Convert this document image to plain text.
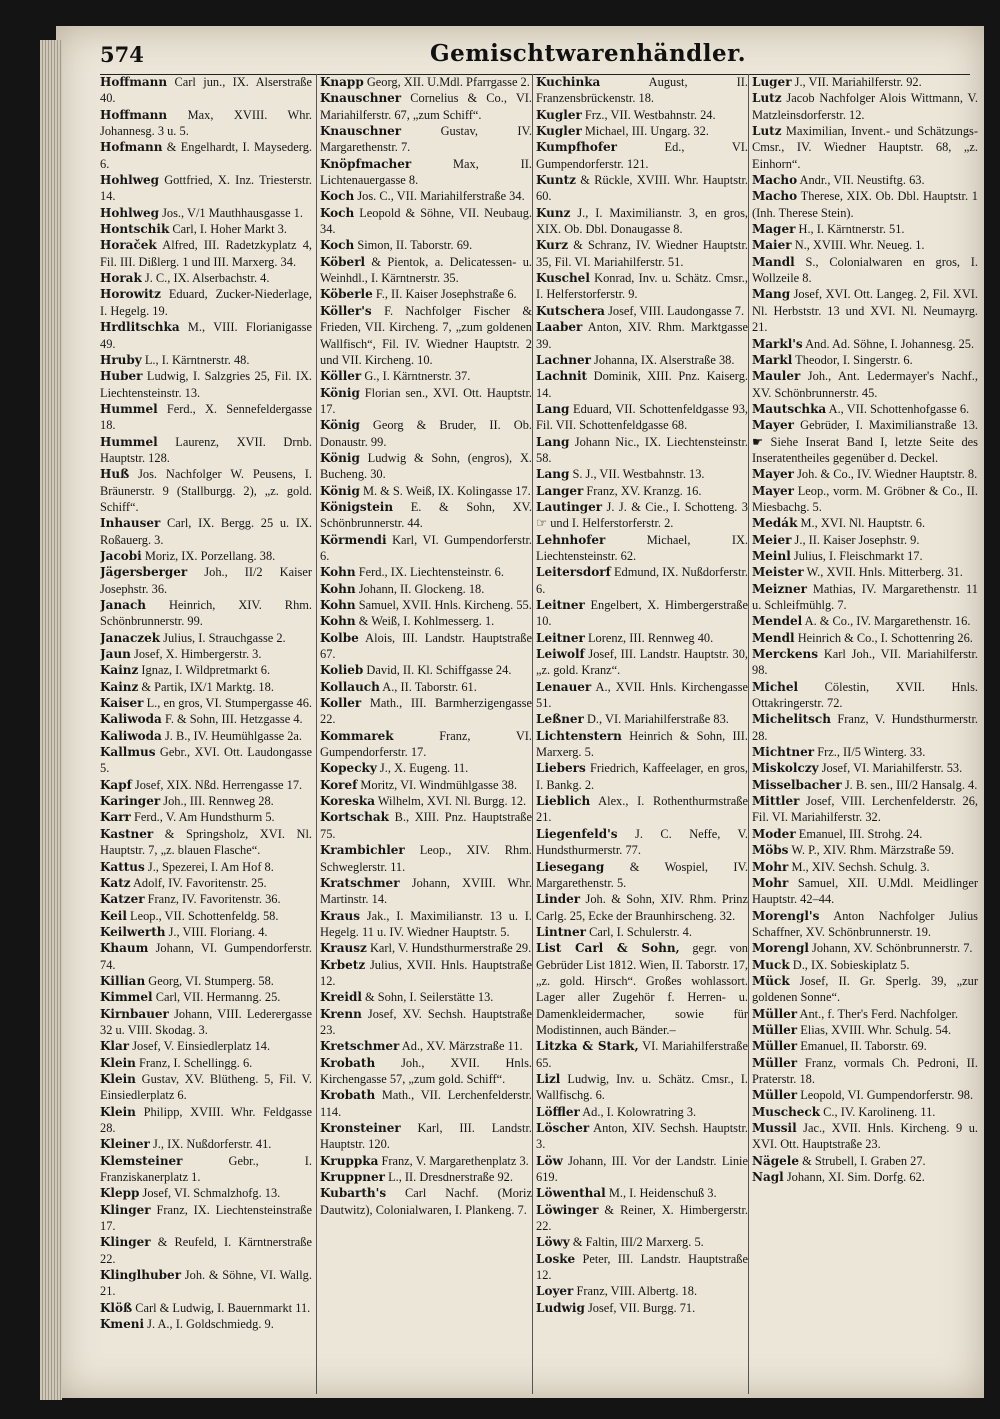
574	Gemischtwarenhändler.
Hoffmann Carl jun., IX. Alserstraße 40.
Hoffmann Max, XVIII. Whr. Johannesg. 3 u. 5.
Hofmann & Engelhardt, I. Maysederg. 6.
Hohlweg Gottfried, X. Inz. Triesterstr. 14.
Hohlweg Jos., V/1 Mauthhausgasse 1.
Hontschik Carl, I. Hoher Markt 3.
Horaček Alfred, III. Radetzkyplatz 4, Fil. III. Dißlerg. 1 und III. Marxerg. 34.
Horak J. C., IX. Alserbachstr. 4.
Horowitz Eduard, Zucker-Niederlage, I. Hegelg. 19.
Hrdlitschka M., VIII. Florianigasse 49.
Hruby L., I. Kärntnerstr. 48.
Huber Ludwig, I. Salzgries 25, Fil. IX. Liechtensteinstr. 13.
Hummel Ferd., X. Sennefeldergasse 18.
Hummel Laurenz, XVII. Drnb. Hauptstr. 128.
Huß Jos. Nachfolger W. Peusens, I. Bräunerstr. 9 (Stallburgg. 2), „z. gold. Schiff“.
Inhauser Carl, IX. Bergg. 25 u. IX. Roßauerg. 3.
Jacobi Moriz, IX. Porzellang. 38.
Jägersberger Joh., II/2 Kaiser Josephstr. 36.
Janach Heinrich, XIV. Rhm. Schönbrunnerstr. 99.
Janaczek Julius, I. Strauchgasse 2.
Jaun Josef, X. Himbergerstr. 3.
Kainz Ignaz, I. Wildpretmarkt 6.
Kainz & Partik, IX/1 Marktg. 18.
Kaiser L., en gros, VI. Stumpergasse 46.
Kaliwoda F. & Sohn, III. Hetzgasse 4.
Kaliwoda J. B., IV. Heumühlgasse 2a.
Kallmus Gebr., XVI. Ott. Laudongasse 5.
Kapf Josef, XIX. Nßd. Herrengasse 17.
Karinger Joh., III. Rennweg 28.
Karr Ferd., V. Am Hundsthurm 5.
Kastner & Springsholz, XVI. Nl. Hauptstr. 7, „z. blauen Flasche“.
Kattus J., Spezerei, I. Am Hof 8.
Katz Adolf, IV. Favoritenstr. 25.
Katzer Franz, IV. Favoritenstr. 36.
Keil Leop., VII. Schottenfeldg. 58.
Keilwerth J., VIII. Floriang. 4.
Khaum Johann, VI. Gumpendorferstr. 74.
Killian Georg, VI. Stumperg. 58.
Kimmel Carl, VII. Hermanng. 25.
Kirnbauer Johann, VIII. Lederergasse 32 u. VIII. Skodag. 3.
Klar Josef, V. Einsiedlerplatz 14.
Klein Franz, I. Schellingg. 6.
Klein Gustav, XV. Blütheng. 5, Fil. V. Einsiedlerplatz 6.
Klein Philipp, XVIII. Whr. Feldgasse 28.
Kleiner J., IX. Nußdorferstr. 41.
Klemsteiner	Gebr., I. Franziskanerplatz 1.
Klepp Josef, VI. Schmalzhofg. 13.
Klinger Franz, IX. Liechtensteinstraße 17.
Klinger & Reufeld, I. Kärntnerstraße 22.
Klinglhuber Joh. & Söhne, VI. Wallg. 21.
Klöß Carl & Ludwig, I. Bauernmarkt 11.
Kmeni J. A., I. Goldschmiedg. 9.
Knapp Georg, XII. U.Mdl. Pfarrgasse 2.
Knauschner Cornelius & Co., VI. Mariahilferstr. 67, „zum Schiff“.
Knauschner	Gustav, IV. Margarethenstr. 7.
Knöpfmacher	Max, II. Lichtenauergasse 8.
Koch Jos. C., VII. Mariahilferstraße 34.
Koch Leopold & Söhne, VII. Neubaug. 34.
Koch Simon, II. Taborstr. 69.
Köberl & Pientok, a. Delicatessen- u. Weinhdl., I. Kärntnerstr. 35.
Köberle F., II. Kaiser Josephstraße 6.
Köller's F. Nachfolger Fischer & Frieden, VII. Kircheng. 7, „zum goldenen Wallfisch“, Fil. IV. Wiedner Hauptstr. 2 und VII. Kircheng. 10.
Köller G., I. Kärntnerstr. 37.
König Florian sen., XVI. Ott. Hauptstr. 17.
König Georg & Bruder, II. Ob. Donaustr. 99.
König Ludwig & Sohn, (engros), X. Bucheng. 30.
König M. & S. Weiß, IX. Kolingasse 17.
Königstein E. & Sohn, XV. Schönbrunnerstr. 44.
Körmendi Karl, VI. Gumpendorferstr. 6.
Kohn Ferd., IX. Liechtensteinstr. 6.
Kohn Johann, II. Glockeng. 18.
Kohn Samuel, XVII. Hnls. Kircheng. 55.
Kohn & Weiß, I. Kohlmesserg. 1.
Kolbe Alois, III. Landstr. Hauptstraße 67.
Kolieb David, II. Kl. Schiffgasse 24.
Kollauch A., II. Taborstr. 61.
Koller Math., III. Barmherzigengasse 22.
Kommarek	Franz, VI. Gumpendorferstr. 17.
Kopecky J., X. Eugeng. 11.
Koref Moritz, VI. Windmühlgasse 38.
Koreska Wilhelm, XVI. Nl. Burgg. 12.
Kortschak B., XIII. Pnz. Hauptstraße 75.
Krambichler Leop., XIV. Rhm. Schweglerstr. 11.
Kratschmer Johann, XVIII. Whr. Martinstr. 14.
Kraus Jak., I. Maximilianstr. 13 u. I. Hegelg. 11 u. IV. Wiedner Hauptstr. 5.
Krausz Karl, V. Hundsthurmerstraße 29.
Krbetz Julius, XVII. Hnls. Hauptstraße 12.
Kreidl & Sohn, I. Seilerstätte 13.
Krenn Josef, XV. Sechsh. Hauptstraße 23.
Kretschmer Ad., XV. Märzstraße 11.
Krobath Joh., XVII. Hnls. Kirchengasse 57, „zum gold. Schiff“.
Krobath Math., VII. Lerchenfelderstr. 114.
Kronsteiner Karl, III. Landstr. Hauptstr. 120.
Kruppka Franz, V. Margarethenplatz 3.
Kruppner L., II. Dresdnerstraße 92.
Kubarth's Carl Nachf. (Moriz Dautwitz), Colonialwaren, I. Plankeng. 7.
Kuchinka	August, II. Franzensbrückenstr. 18.
Kugler Frz., VII. Westbahnstr. 24.
Kugler Michael, III. Ungarg. 32.
Kumpfhofer	Ed., VI. Gumpendorferstr. 121.
Kuntz & Rückle, XVIII. Whr. Hauptstr. 60.
Kunz J., I. Maximilianstr. 3, en gros, XIX. Ob. Dbl. Donaugasse 8.
Kurz & Schranz, IV. Wiedner Hauptstr. 35, Fil. VI. Mariahilferstr. 51.
Kuschel Konrad, Inv. u. Schätz. Cmsr., I. Helferstorferstr. 9.
Kutschera Josef, VIII. Laudongasse 7.
Laaber Anton, XIV. Rhm. Marktgasse 39.
Lachner Johanna, IX. Alserstraße 38.
Lachnit Dominik, XIII. Pnz. Kaiserg. 14.
Lang Eduard, VII. Schottenfeldgasse 93, Fil. VII. Schottenfeldgasse 68.
Lang Johann Nic., IX. Liechtensteinstr. 58.
Lang S. J., VII. Westbahnstr. 13.
Langer Franz, XV. Kranzg. 16.
Lautinger J. J. & Cie., I. Schotteng. 3 ☞ und I. Helferstorferstr. 2.
Lehnhofer	Michael, IX. Liechtensteinstr. 62.
Leitersdorf Edmund, IX. Nußdorferstr. 6.
Leitner Engelbert, X. Himbergerstraße 10.
Leitner Lorenz, III. Rennweg 40.
Leiwolf Josef, III. Landstr. Hauptstr. 30, „z. gold. Kranz“.
Lenauer A., XVII. Hnls. Kirchengasse 51.
Leßner D., VI. Mariahilferstraße 83.
Lichtenstern Heinrich & Sohn, III. Marxerg. 5.
Liebers Friedrich, Kaffeelager, en gros, I. Bankg. 2.
Lieblich Alex., I. Rothenthurmstraße 21.
Liegenfeld's J. C. Neffe, V. Hundsthurmerstr. 77.
Liesegang & Wospiel, IV. Margarethenstr. 5.
Linder Joh. & Sohn, XIV. Rhm. Prinz Carlg. 25, Ecke der Braunhirscheng. 32.
Lintner Carl, I. Schulerstr. 4.
List Carl & Sohn, gegr. von Gebrüder List 1812. Wien, II. Taborstr. 17, „z. gold. Hirsch“. Großes wohlassort. Lager aller Zugehör f. Herren- u. Damenkleidermacher, sowie für Modistinnen, auch Bänder.–
Litzka & Stark, VI. Mariahilferstraße 65.
Lizl Ludwig, Inv. u. Schätz. Cmsr., I. Wallfischg. 6.
Löffler Ad., I. Kolowratring 3.
Löscher Anton, XIV. Sechsh. Hauptstr. 3.
Löw Johann, III. Vor der Landstr. Linie 619.
Löwenthal M., I. Heidenschuß 3.
Löwinger & Reiner, X. Himbergerstr. 22.
Löwy & Faltin, III/2 Marxerg. 5.
Loske Peter, III. Landstr. Hauptstraße 12.
Loyer Franz, VIII. Albertg. 18.
Ludwig Josef, VII. Burgg. 71.
Luger J., VII. Mariahilferstr. 92.
Lutz Jacob Nachfolger Alois Wittmann, V. Matzleinsdorferstr. 12.
Lutz Maximilian, Invent.- und Schätzungs-Cmsr., IV. Wiedner Hauptstr. 68, „z. Einhorn“.
Macho Andr., VII. Neustiftg. 63.
Macho Therese, XIX. Ob. Dbl. Hauptstr. 1 (Inh. Therese Stein).
Mager H., I. Kärntnerstr. 51.
Maier N., XVIII. Whr. Neueg. 1.
Mandl S., Colonialwaren en gros, I. Wollzeile 8.
Mang Josef, XVI. Ott. Langeg. 2, Fil. XVI. Nl. Herbststr. 13 und XVI. Nl. Neumayrg. 21.
Markl's And. Ad. Söhne, I. Johannesg. 25.
Markl Theodor, I. Singerstr. 6.
Mauler Joh., Ant. Ledermayer's Nachf., XV. Schönbrunnerstr. 45.
Mautschka A., VII. Schottenhofgasse 6.
Mayer Gebrüder, I. Maximilianstraße 13. ☛ Siehe Inserat Band I, letzte Seite des Inseratentheiles gegenüber d. Deckel.
Mayer Joh. & Co., IV. Wiedner Hauptstr. 8.
Mayer Leop., vorm. M. Gröbner & Co., II. Miesbachg. 5.
Medák M., XVI. Nl. Hauptstr. 6.
Meier J., II. Kaiser Josephstr. 9.
Meinl Julius, I. Fleischmarkt 17.
Meister W., XVII. Hnls. Mitterberg. 31.
Meizner Mathias, IV. Margarethenstr. 11 u. Schleifmühlg. 7.
Mendel A. & Co., IV. Margarethenstr. 16.
Mendl Heinrich & Co., I. Schottenring 26.
Merckens Karl Joh., VII. Mariahilferstr. 98.
Michel Cölestin, XVII. Hnls. Ottakringerstr. 72.
Michelitsch Franz, V. Hundsthurmerstr. 28.
Michtner Frz., II/5 Winterg. 33.
Miskolczy Josef, VI. Mariahilferstr. 53.
Misselbacher J. B. sen., III/2 Hansalg. 4.
Mittler Josef, VIII. Lerchenfelderstr. 26, Fil. VI. Mariahilferstr. 32.
Moder Emanuel, III. Strohg. 24.
Möbs W. P., XIV. Rhm. Märzstraße 59.
Mohr M., XIV. Sechsh. Schulg. 3.
Mohr Samuel, XII. U.Mdl. Meidlinger Hauptstr. 42–44.
Morengl's Anton Nachfolger Julius Schaffner, XV. Schönbrunnerstr. 19.
Morengl Johann, XV. Schönbrunnerstr. 7.
Muck D., IX. Sobieskiplatz 5.
Mück Josef, II. Gr. Sperlg. 39, „zur goldenen Sonne“.
Müller Ant., f. Ther's Ferd. Nachfolger.
Müller Elias, XVIII. Whr. Schulg. 54.
Müller Emanuel, II. Taborstr. 69.
Müller Franz, vormals Ch. Pedroni, II. Praterstr. 18.
Müller Leopold, VI. Gumpendorferstr. 98.
Muscheck C., IV. Karolineng. 11.
Mussil Jac., XVII. Hnls. Kircheng. 9 u. XVI. Ott. Hauptstraße 23.
Nägele & Strubell, I. Graben 27.
Nagl Johann, XI. Sim. Dorfg. 62.
